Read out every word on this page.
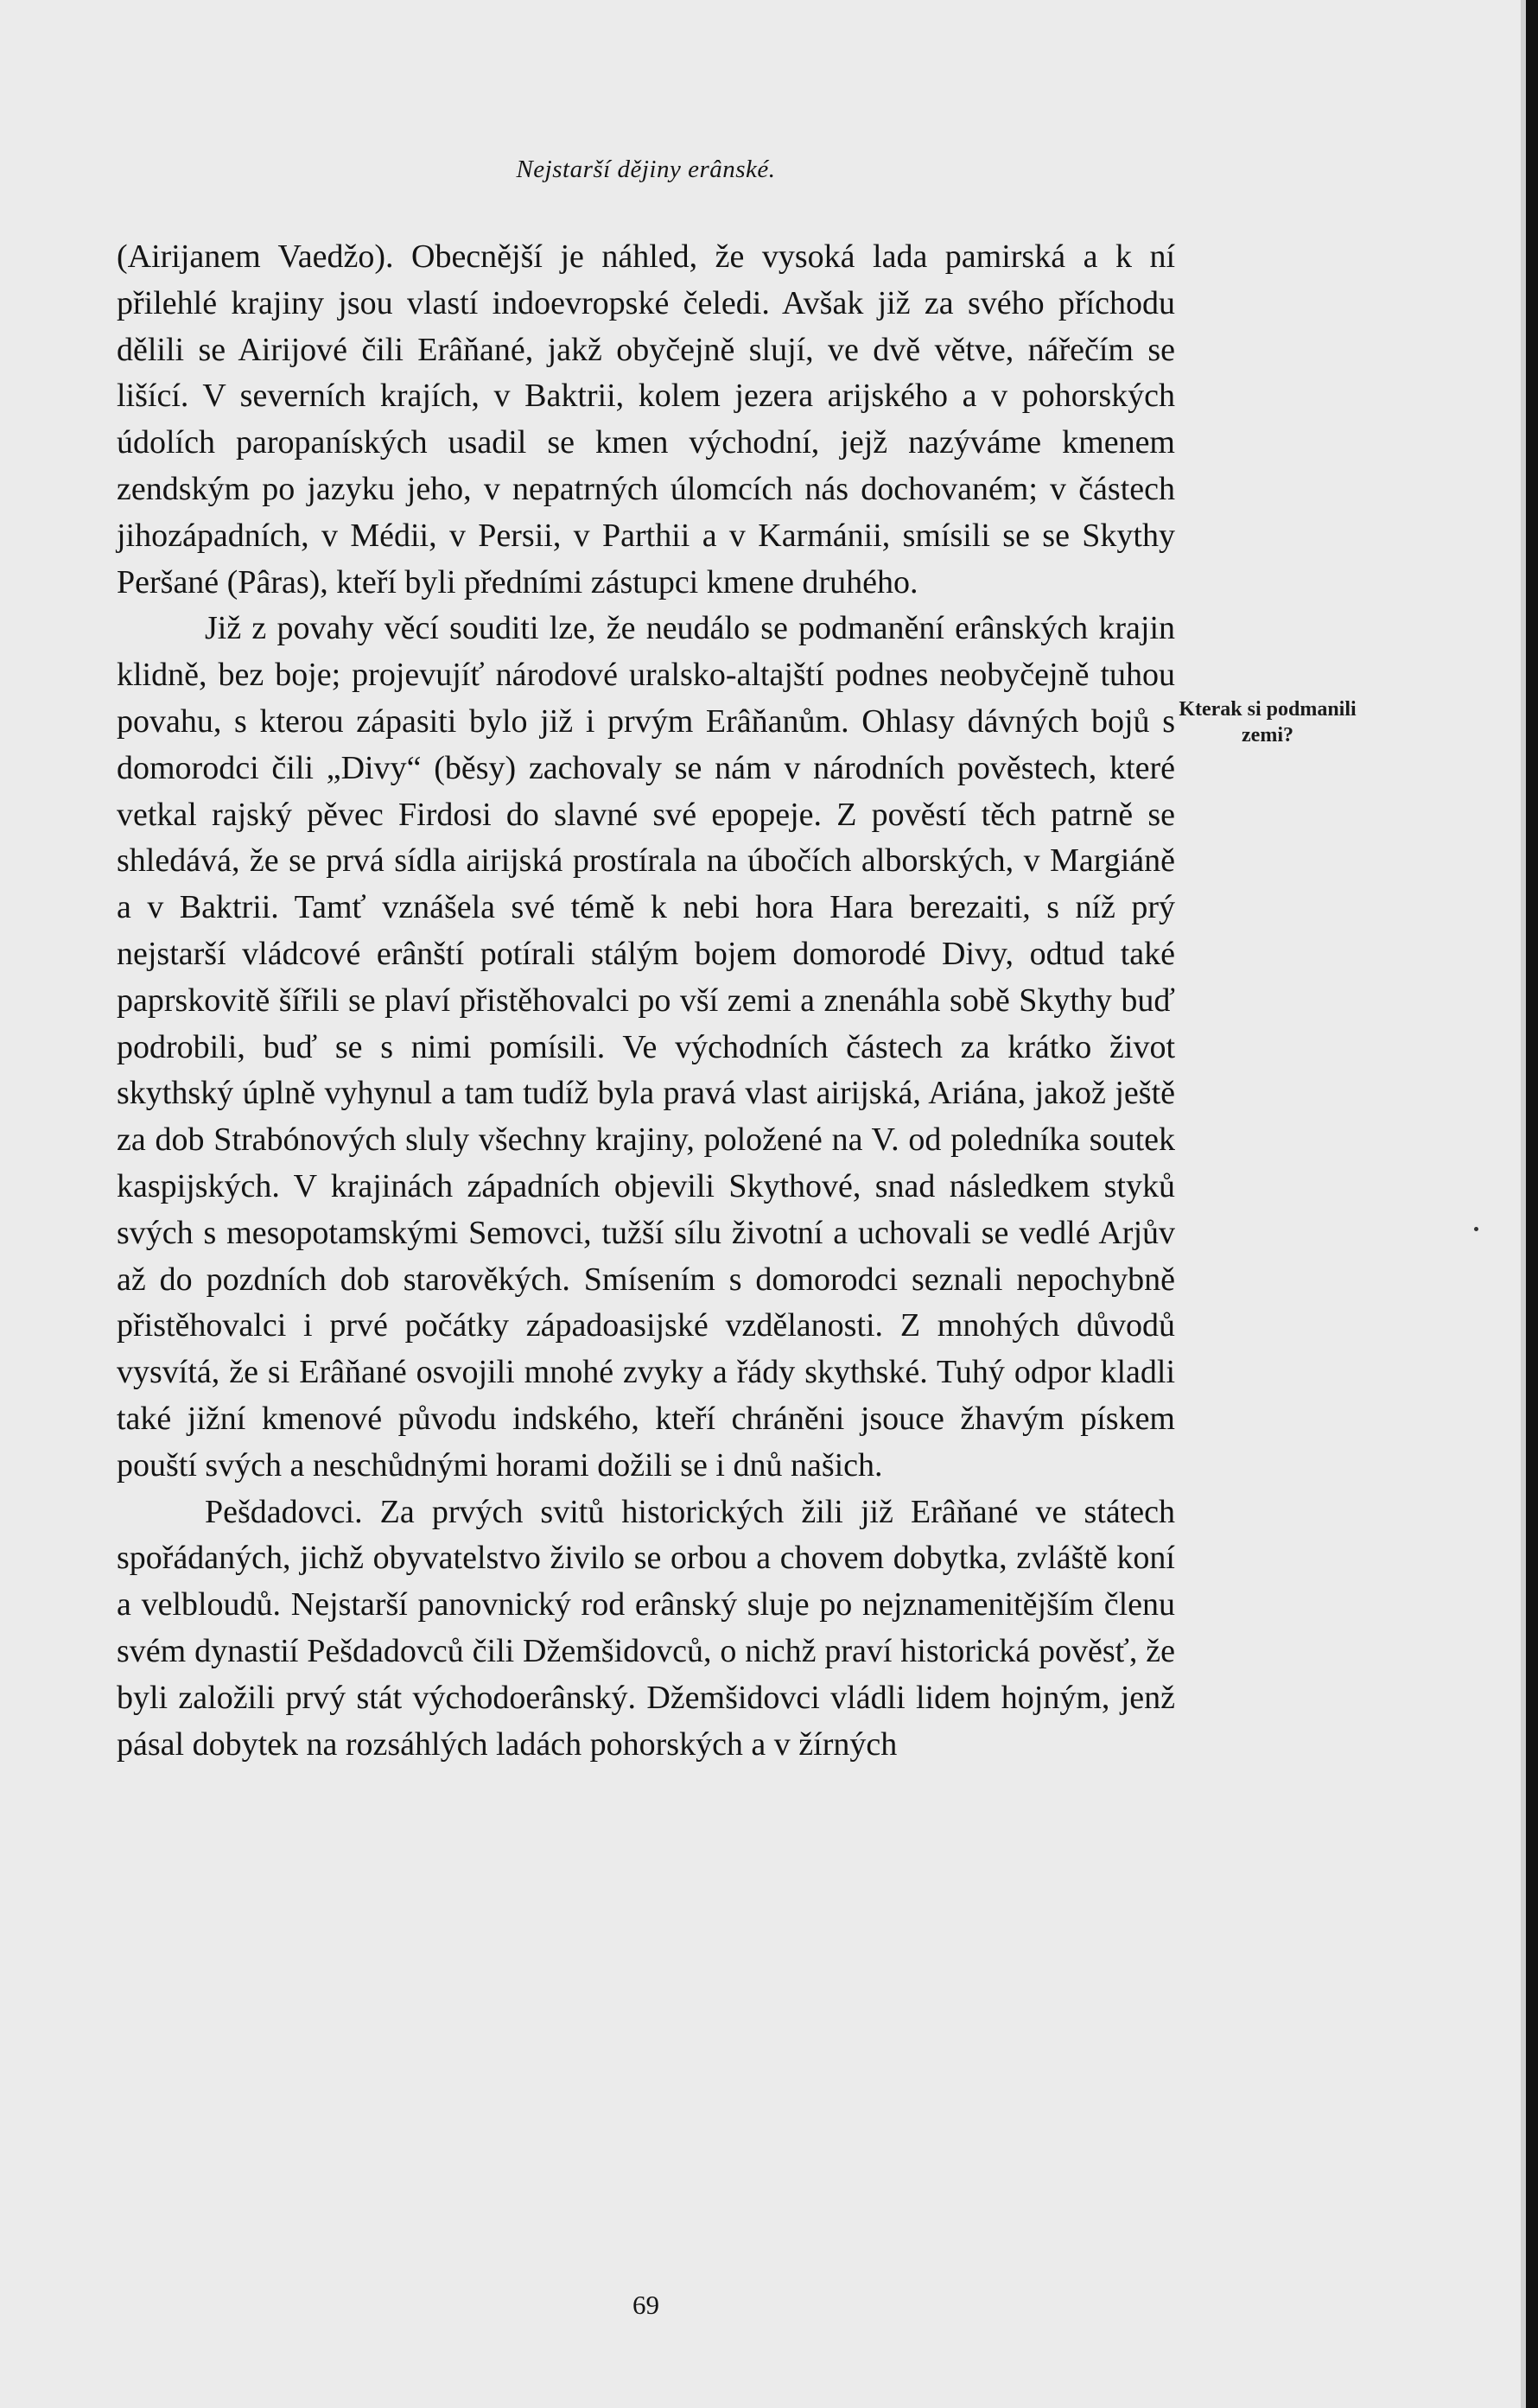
Nejstarší dějiny erânské.

(Airijanem Vaedžo). Obecnější je náhled, že vysoká lada pamirská a k ní přilehlé krajiny jsou vlastí indoevropské čeledi. Avšak již za svého příchodu dělili se Airijové čili Erâňané, jakž obyčejně slují, ve dvě větve, nářečím se lišící. V severních krajích, v Baktrii, kolem jezera arijského a v pohorských údolích paropaníských usadil se kmen východní, jejž nazýváme kmenem zendským po jazyku jeho, v nepatrných úlomcích nás dochovaném; v částech jihozápadních, v Médii, v Persii, v Parthii a v Karmánii, smísili se se Skythy Peršané (Pâras), kteří byli předními zástupci kmene druhého.

Již z povahy věcí souditi lze, že neudálo se podmanění erânských krajin klidně, bez boje; projevujíť národové uralsko-altajští podnes neobyčejně tuhou povahu, s kterou zápasiti bylo již i prvým Erâňanům. Ohlasy dávných bojů s domorodci čili „Divy“ (běsy) zachovaly se nám v národních pověstech, které vetkal rajský pěvec Firdosi do slavné své epopeje. Z pověstí těch patrně se shledává, že se prvá sídla airijská prostírala na úbočích alborských, v Margiáně a v Baktrii. Tamť vznášela své témě k nebi hora Hara berezaiti, s níž prý nejstarší vládcové erânští potírali stálým bojem domorodé Divy, odtud také paprskovitě šířili se plaví přistěhovalci po vší zemi a znenáhla sobě Skythy buď podrobili, buď se s nimi pomísili. Ve východních částech za krátko život skythský úplně vyhynul a tam tudíž byla pravá vlast airijská, Ariána, jakož ještě za dob Strabónových sluly všechny krajiny, položené na V. od poledníka soutek kaspijských. V krajinách západních objevili Skythové, snad následkem styků svých s mesopotamskými Semovci, tužší sílu životní a uchovali se vedlé Arjův až do pozdních dob starověkých. Smísením s domorodci seznali nepochybně přistěhovalci i prvé počátky západoasijské vzdělanosti. Z mnohých důvodů vysvítá, že si Erâňané osvojili mnohé zvyky a řády skythské. Tuhý odpor kladli také jižní kmenové původu indského, kteří chráněni jsouce žhavým pískem pouští svých a neschůdnými horami dožili se i dnů našich.

Pešdadovci. Za prvých svitů historických žili již Erâňané ve státech spořádaných, jichž obyvatelstvo živilo se orbou a chovem dobytka, zvláště koní a velbloudů. Nejstarší panovnický rod erânský sluje po nejznamenitějším členu svém dynastií Pešdadovců čili Džemšidovců, o nichž praví historická pověsť, že byli založili prvý stát východoerânský. Džemšidovci vládli lidem hojným, jenž pásal dobytek na rozsáhlých ladách pohorských a v žírných

69
Kterak si podmanili zemi?
